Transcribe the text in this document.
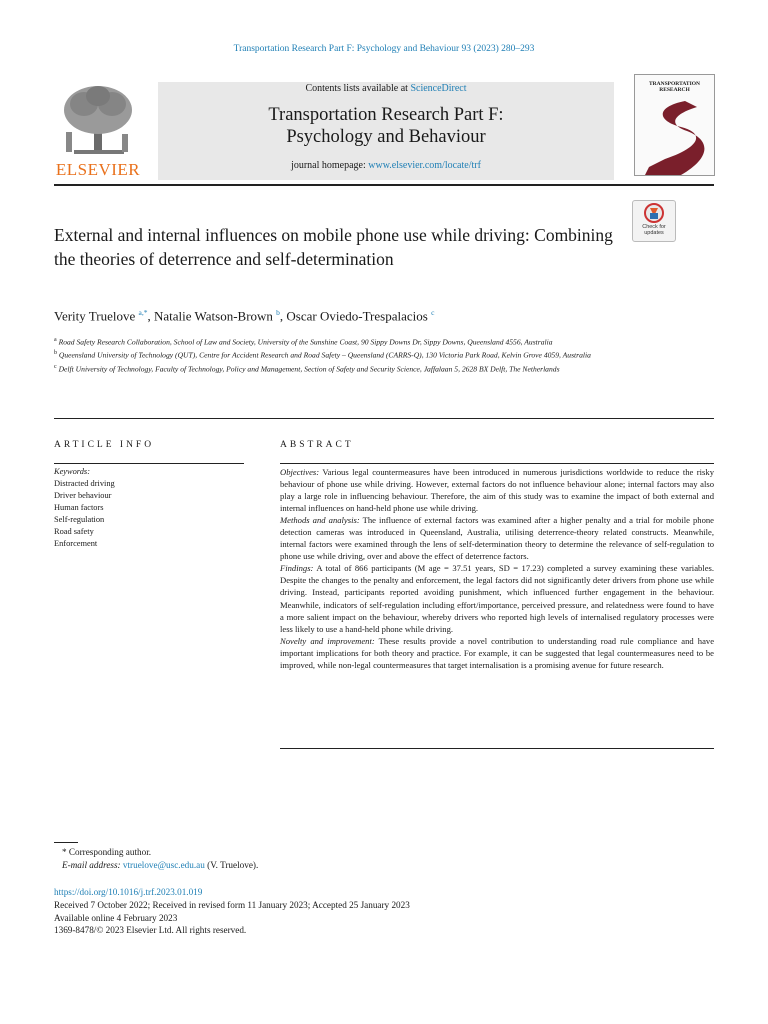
Transportation Research Part F: Psychology and Behaviour 93 (2023) 280–293
ELSEVIER
Contents lists available at ScienceDirect
Transportation Research Part F:
Psychology and Behaviour
journal homepage: www.elsevier.com/locate/trf
TRANSPORTATION
RESEARCH
Check for
updates
External and internal influences on mobile phone use while driving: Combining the theories of deterrence and self-determination
Verity Truelove $^{a,*}$, Natalie Watson-Brown $^b$, Oscar Oviedo-Trespalacios $^c$
$^a$ Road Safety Research Collaboration, School of Law and Society, University of the Sunshine Coast, 90 Sippy Downs Dr, Sippy Downs, Queensland 4556, Australia
$^b$ Queensland University of Technology (QUT), Centre for Accident Research and Road Safety – Queensland (CARRS-Q), 130 Victoria Park Road, Kelvin Grove 4059, Australia
$^c$ Delft University of Technology, Faculty of Technology, Policy and Management, Section of Safety and Security Science, Jaffalaan 5, 2628 BX Delft, The Netherlands
ARTICLE INFO	ABSTRACT
Keywords:
Distracted driving
Driver behaviour
Human factors
Self-regulation
Road safety
Enforcement

Objectives: Various legal countermeasures have been introduced in numerous jurisdictions worldwide to reduce the risky behaviour of phone use while driving. However, external factors do not influence behaviour alone; internal factors may also play a large role in influencing behaviour. Therefore, the aim of this study was to examine the impact of both external and internal influences on hand-held phone use while driving.

Methods and analysis: The influence of external factors was examined after a higher penalty and a trial for mobile phone detection cameras was introduced in Queensland, Australia, utilising deterrence-theory related constructs. Meanwhile, internal factors were examined through the lens of self-determination theory to determine the relevance of self-regulation to phone use while driving, over and above the effect of deterrence factors.

Findings: A total of 866 participants (M age = 37.51 years, SD = 17.23) completed a survey examining these variables. Despite the changes to the penalty and enforcement, the legal factors did not significantly deter drivers from phone use while driving. Instead, participants reported avoiding punishment, which influenced further engagement in the behaviour. Meanwhile, indicators of self-regulation including effort/importance, perceived pressure, and relatedness were found to have a more salient impact on the behaviour, whereby drivers who reported high levels of internalised regulatory processes were less likely to use a hand-held phone while driving.

Novelty and improvement: These results provide a novel contribution to understanding road rule compliance and have important implications for both theory and practice. For example, it can be suggested that legal countermeasures need to be improved, while non-legal countermeasures that target internalisation is a promising avenue for future research.

* Corresponding author.
E-mail address: vtruelove@usc.edu.au (V. Truelove).
https://doi.org/10.1016/j.trf.2023.01.019
Received 7 October 2022; Received in revised form 11 January 2023; Accepted 25 January 2023
Available online 4 February 2023
1369-8478/© 2023 Elsevier Ltd. All rights reserved.
